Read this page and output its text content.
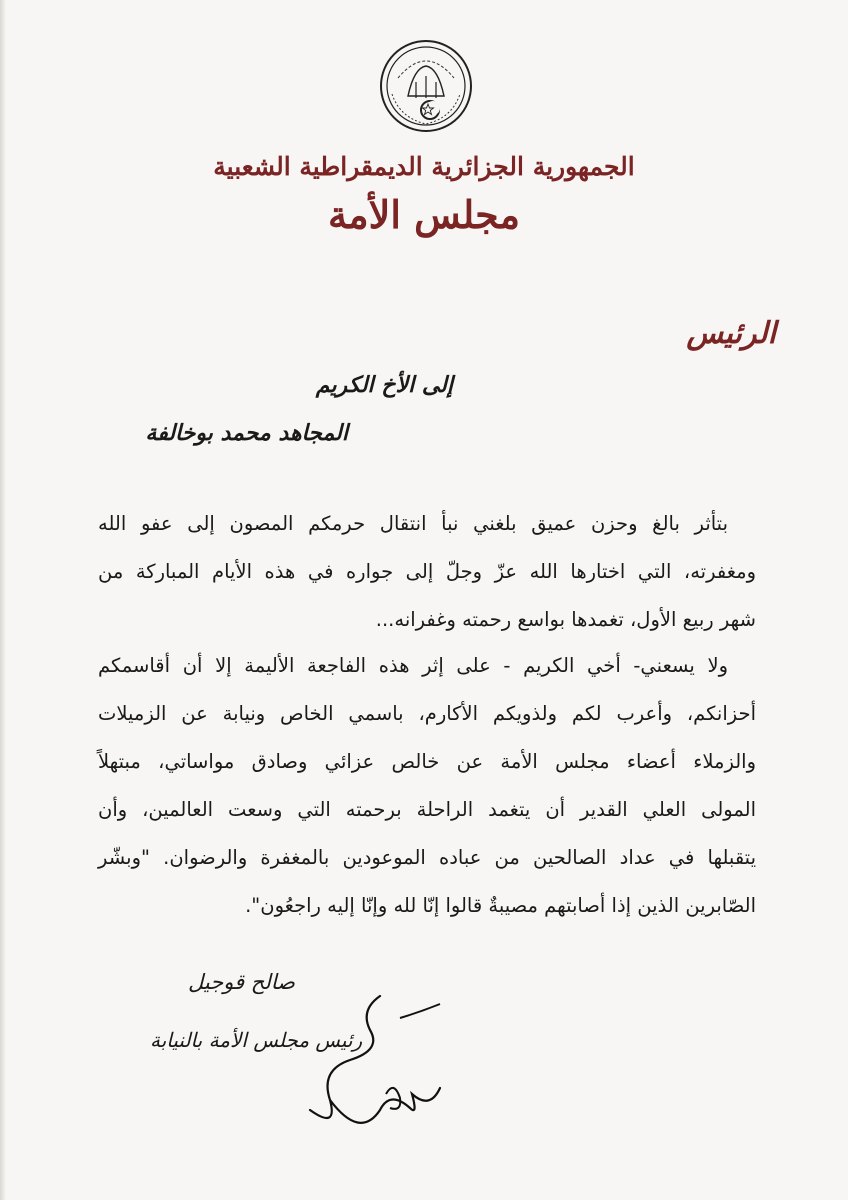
الجمهورية الجزائرية الديمقراطية الشعبية
مجلس الأمة
الرئيس
إلى الأخ الكريم
المجاهد محمد بوخالفة
بتأثر بالغ وحزن عميق بلغني نبأ انتقال حرمكم المصون إلى عفو الله
ومغفرته، التي اختارها الله عزّ وجلّ إلى جواره في هذه الأيام المباركة من
شهر ربيع الأول، تغمدها بواسع رحمته وغفرانه...
ولا يسعني- أخي الكريم - على إثر هذه الفاجعة الأليمة إلا أن أقاسمكم
أحزانكم، وأعرب لكم ولذويكم الأكارم، باسمي الخاص ونيابة عن الزميلات
والزملاء أعضاء مجلس الأمة عن خالص عزائي وصادق مواساتي، مبتهلاً
المولى العلي القدير أن يتغمد الراحلة برحمته التي وسعت العالمين، وأن
يتقبلها في عداد الصالحين من عباده الموعودين بالمغفرة والرضوان. "وبشّر
الصّابرين الذين إذا أصابتهم مصيبةٌ قالوا إنّا لله وإنّا إليه راجعُون".
صالح قوجيل
رئيس مجلس الأمة بالنيابة
